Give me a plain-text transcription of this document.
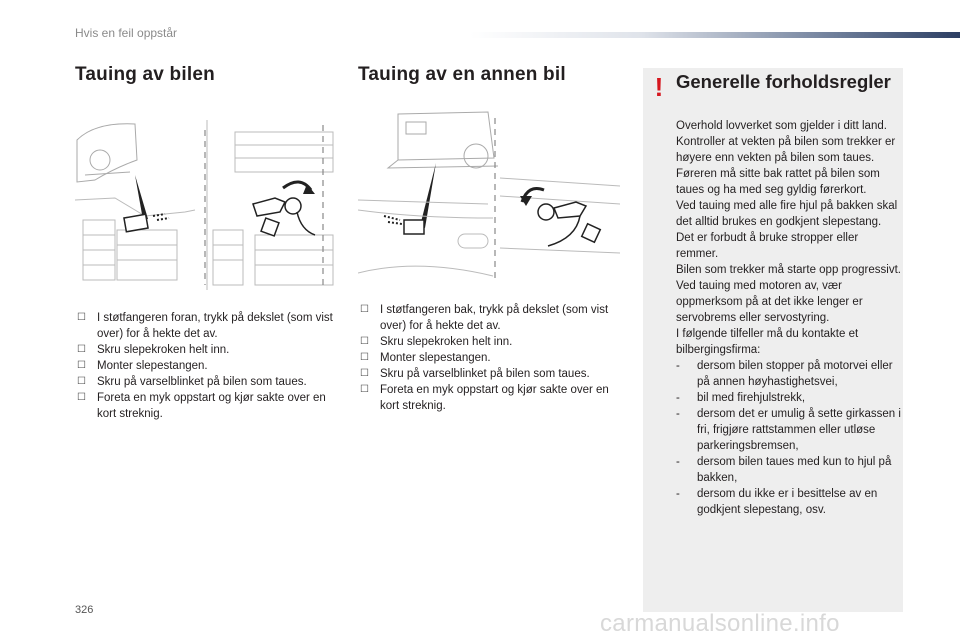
Hvis en feil oppstår
Tauing av bilen
☐ I støtfangeren foran, trykk på dekslet (som vist over) for å hekte det av.
☐ Skru slepekroken helt inn.
☐ Monter slepestangen.
☐ Skru på varselblinket på bilen som taues.
☐ Foreta en myk oppstart og kjør sakte over en kort streknig.
Tauing av en annen bil
☐ I støtfangeren bak, trykk på dekslet (som vist over) for å hekte det av.
☐ Skru slepekroken helt inn.
☐ Monter slepestangen.
☐ Skru på varselblinket på bilen som taues.
☐ Foreta en myk oppstart og kjør sakte over en kort streknig.
! Generelle forholdsregler

Overhold lovverket som gjelder i ditt land.

Kontroller at vekten på bilen som trekker er høyere enn vekten på bilen som taues.

Føreren må sitte bak rattet på bilen som taues og ha med seg gyldig førerkort.

Ved tauing med alle fire hjul på bakken skal det alltid brukes en godkjent slepestang. Det er forbudt å bruke stropper eller remmer.

Bilen som trekker må starte opp progressivt.

Ved tauing med motoren av, vær oppmerksom på at det ikke lenger er servobrems eller servostyring.

I følgende tilfeller må du kontakte et bilbergingsfirma:

- dersom bilen stopper på motorvei eller på annen høyhastighetsvei,
- bil med firehjulstrekk,
- dersom det er umulig å sette girkassen i fri, frigjøre rattstammen eller utløse parkeringsbremsen,
- dersom bilen taues med kun to hjul på bakken,
- dersom du ikke er i besittelse av en godkjent slepestang, osv.
326	carmanualsonline.info
